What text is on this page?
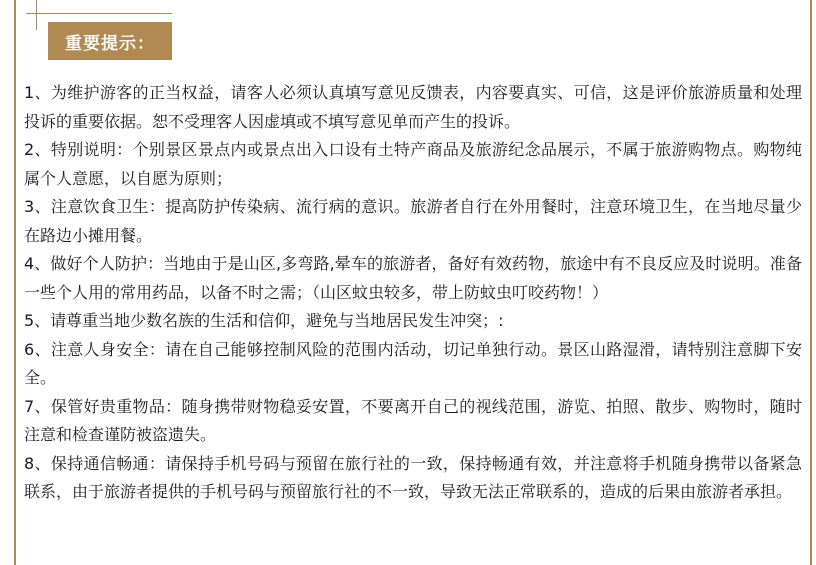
重要提示：

1、为维护游客的正当权益，请客人必须认真填写意见反馈表，内容要真实、可信，这是评价旅游质量和处理投诉的重要依据。恕不受理客人因虚填或不填写意见单而产生的投诉。

2、特别说明：个别景区景点内或景点出入口设有土特产商品及旅游纪念品展示，不属于旅游购物点。购物纯属个人意愿，以自愿为原则；

3、注意饮食卫生：提高防护传染病、流行病的意识。旅游者自行在外用餐时，注意环境卫生，在当地尽量少在路边小摊用餐。

4、做好个人防护：当地由于是山区,多弯路,晕车的旅游者，备好有效药物，旅途中有不良反应及时说明。准备一些个人用的常用药品，以备不时之需；（山区蚊虫较多，带上防蚊虫叮咬药物！）

5、请尊重当地少数名族的生活和信仰，避免与当地居民发生冲突；:

6、注意人身安全：请在自己能够控制风险的范围内活动，切记单独行动。景区山路湿滑，请特别注意脚下安全。

7、保管好贵重物品：随身携带财物稳妥安置，不要离开自己的视线范围，游览、拍照、散步、购物时，随时注意和检查谨防被盗遗失。

8、保持通信畅通：请保持手机号码与预留在旅行社的一致，保持畅通有效，并注意将手机随身携带以备紧急联系，由于旅游者提供的手机号码与预留旅行社的不一致，导致无法正常联系的，造成的后果由旅游者承担。
